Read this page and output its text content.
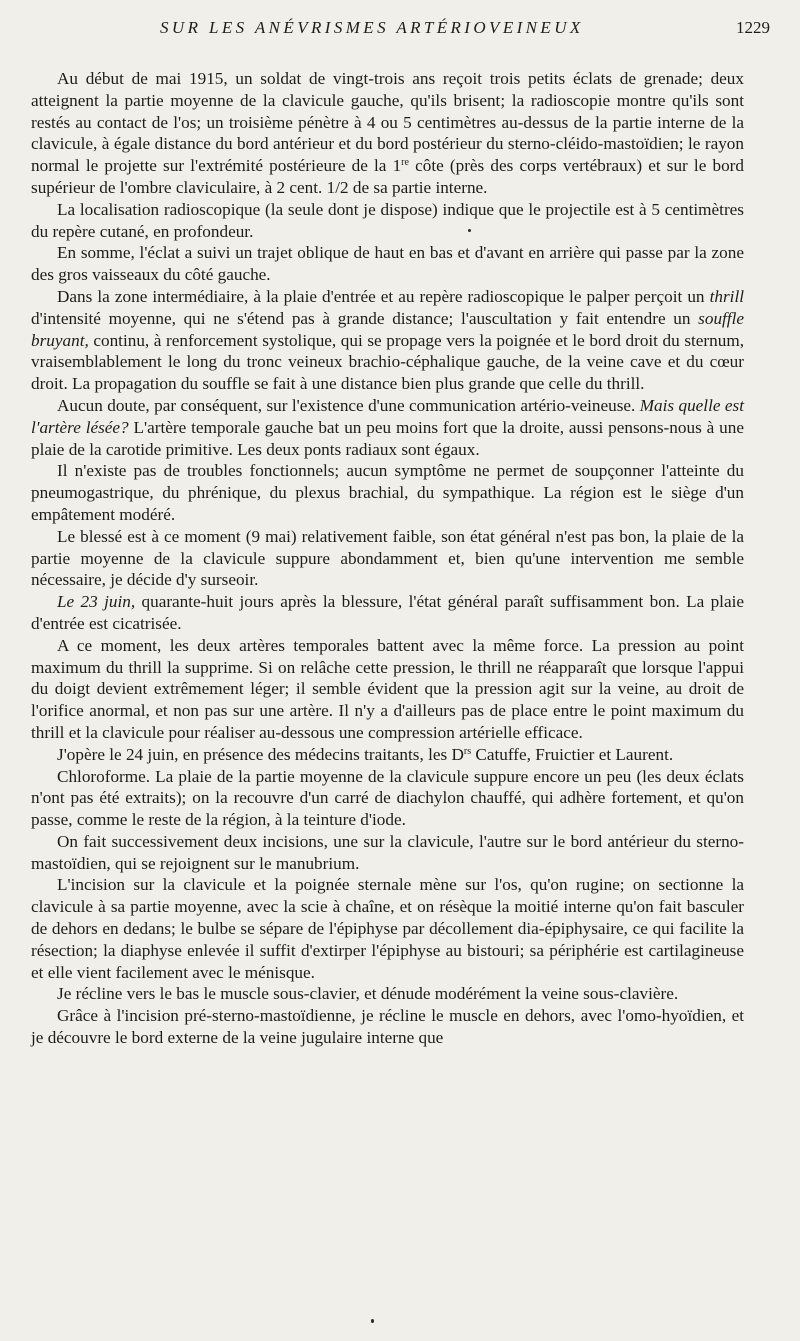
SUR LES ANÉVRISMES ARTÉRIOVEINEUX	1229

Au début de mai 1915, un soldat de vingt-trois ans reçoit trois petits éclats de grenade; deux atteignent la partie moyenne de la clavicule gauche, qu'ils brisent; la radioscopie montre qu'ils sont restés au contact de l'os; un troisième pénètre à 4 ou 5 centimètres au-dessus de la partie interne de la clavicule, à égale distance du bord antérieur et du bord postérieur du sterno-cléido-mastoïdien; le rayon normal le projette sur l'extrémité postérieure de la 1re côte (près des corps vertébraux) et sur le bord supérieur de l'ombre claviculaire, à 2 cent. 1/2 de sa partie interne.

La localisation radioscopique (la seule dont je dispose) indique que le projectile est à 5 centimètres du repère cutané, en profondeur.

En somme, l'éclat a suivi un trajet oblique de haut en bas et d'avant en arrière qui passe par la zone des gros vaisseaux du côté gauche.

Dans la zone intermédiaire, à la plaie d'entrée et au repère radioscopique le palper perçoit un thrill d'intensité moyenne, qui ne s'étend pas à grande distance; l'auscultation y fait entendre un souffle bruyant, continu, à renforcement systolique, qui se propage vers la poignée et le bord droit du sternum, vraisemblablement le long du tronc veineux brachio-céphalique gauche, de la veine cave et du cœur droit. La propagation du souffle se fait à une distance bien plus grande que celle du thrill.

Aucun doute, par conséquent, sur l'existence d'une communication artério-veineuse. Mais quelle est l'artère lésée? L'artère temporale gauche bat un peu moins fort que la droite, aussi pensons-nous à une plaie de la carotide primitive. Les deux ponts radiaux sont égaux.

Il n'existe pas de troubles fonctionnels; aucun symptôme ne permet de soupçonner l'atteinte du pneumogastrique, du phrénique, du plexus brachial, du sympathique. La région est le siège d'un empâtement modéré.

Le blessé est à ce moment (9 mai) relativement faible, son état général n'est pas bon, la plaie de la partie moyenne de la clavicule suppure abondamment et, bien qu'une intervention me semble nécessaire, je décide d'y surseoir.

Le 23 juin, quarante-huit jours après la blessure, l'état général paraît suffisamment bon. La plaie d'entrée est cicatrisée.

A ce moment, les deux artères temporales battent avec la même force. La pression au point maximum du thrill la supprime. Si on relâche cette pression, le thrill ne réapparaît que lorsque l'appui du doigt devient extrêmement léger; il semble évident que la pression agit sur la veine, au droit de l'orifice anormal, et non pas sur une artère. Il n'y a d'ailleurs pas de place entre le point maximum du thrill et la clavicule pour réaliser au-dessous une compression artérielle efficace.

J'opère le 24 juin, en présence des médecins traitants, les $D^{rs}$ Catuffe, Fruictier et Laurent.

Chloroforme. La plaie de la partie moyenne de la clavicule suppure encore un peu (les deux éclats n'ont pas été extraits); on la recouvre d'un carré de diachylon chauffé, qui adhère fortement, et qu'on passe, comme le reste de la région, à la teinture d'iode.

On fait successivement deux incisions, une sur la clavicule, l'autre sur le bord antérieur du sterno-mastoïdien, qui se rejoignent sur le manubrium.

L'incision sur la clavicule et la poignée sternale mène sur l'os, qu'on rugine; on sectionne la clavicule à sa partie moyenne, avec la scie à chaîne, et on résèque la moitié interne qu'on fait basculer de dehors en dedans; le bulbe se sépare de l'épiphyse par décollement dia-épiphysaire, ce qui facilite la résection; la diaphyse enlevée il suffit d'extirper l'épiphyse au bistouri; sa périphérie est cartilagineuse et elle vient facilement avec le ménisque.

Je récline vers le bas le muscle sous-clavier, et dénude modérément la veine sous-clavière.

Grâce à l'incision pré-sterno-mastoïdienne, je récline le muscle en dehors, avec l'omo-hyoïdien, et je découvre le bord externe de la veine jugulaire interne que
